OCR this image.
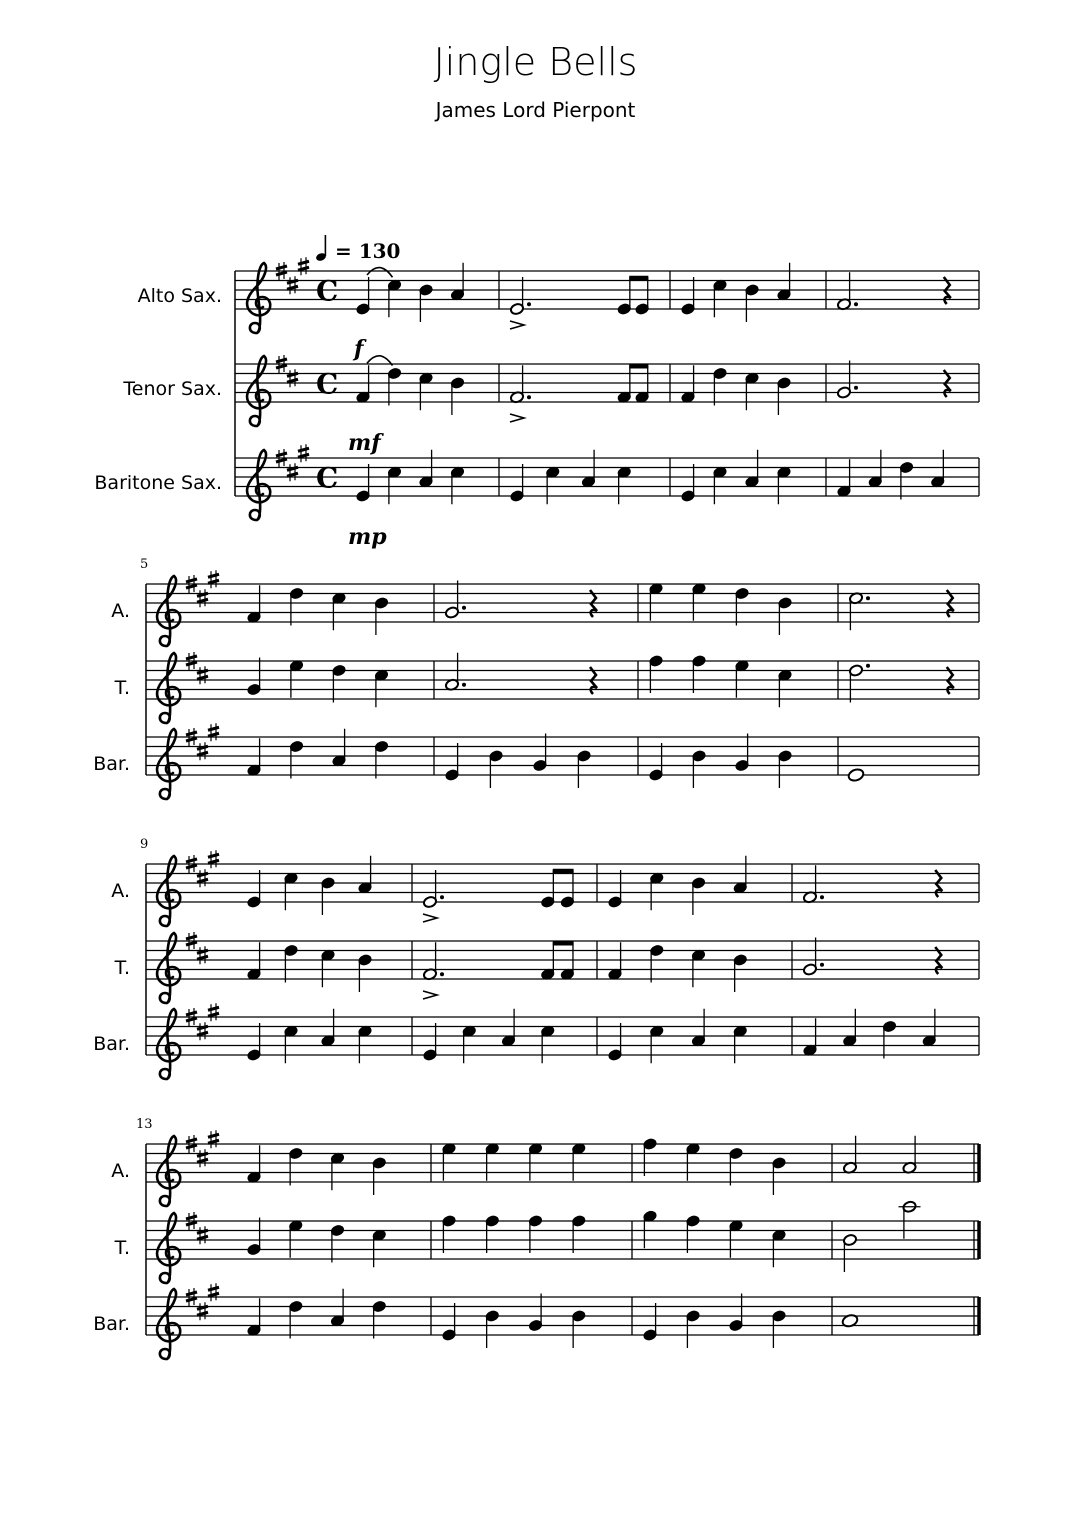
Jingle Bells
James Lord Pierpont
= 130
Alto Sax.
Tenor Sax.
Baritone Sax.
A.
T.
Bar.
A.
T.
Bar.
A.
T.
Bar.
f
mf
mp
5
9
13
C
C
C
